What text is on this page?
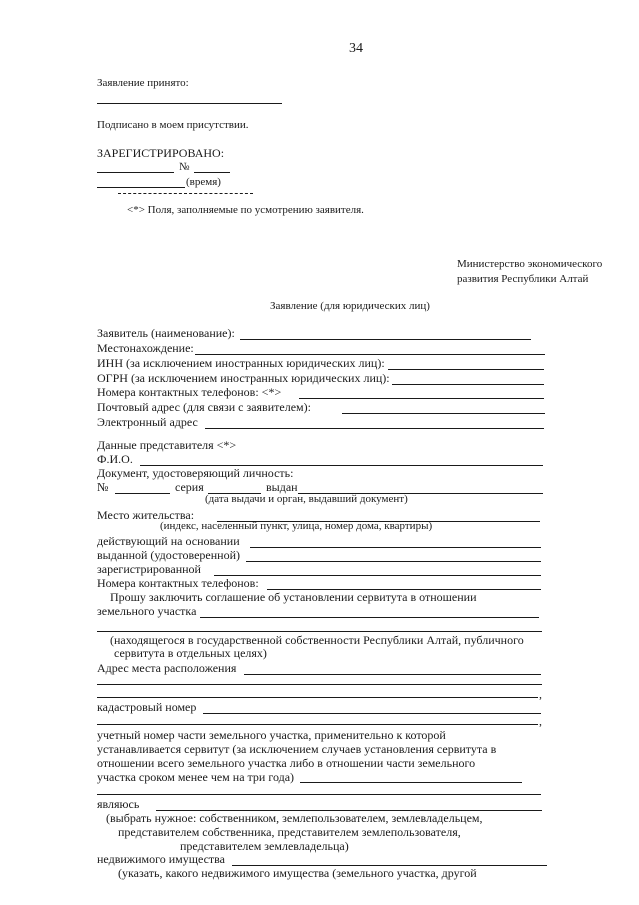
34
Заявление принято:
Подписано в моем присутствии.
ЗАРЕГИСТРИРОВАНО:
№
(время)
<*> Поля, заполняемые по усмотрению заявителя.
Министерство экономического
развития Республики Алтай
Заявление (для юридических лиц)
Заявитель (наименование):
Местонахождение:
ИНН (за исключением иностранных юридических лиц):
ОГРН (за исключением иностранных юридических лиц):
Номера контактных телефонов: <*>
Почтовый адрес (для связи с заявителем):
Электронный адрес
Данные представителя <*>
Ф.И.О.
Документ, удостоверяющий личность:
№	серия	выдан
(дата выдачи и орган, выдавший документ)
Место жительства:
(индекс, населенный пункт, улица, номер дома, квартиры)
действующий на основании
выданной (удостоверенной)
зарегистрированной
Номера контактных телефонов:
Прошу заключить соглашение об установлении сервитута в отношении
земельного участка
(находящегося в государственной собственности Республики Алтай, публичного
сервитута в отдельных целях)
Адрес места расположения
,
кадастровый номер
,
учетный номер части земельного участка, применительно к которой
устанавливается сервитут (за исключением случаев установления сервитута в
отношении всего земельного участка либо в отношении части земельного
участка сроком менее чем на три года)
являюсь
(выбрать нужное: собственником, землепользователем, землевладельцем,
представителем собственника, представителем землепользователя,
представителем землевладельца)
недвижимого имущества
(указать, какого недвижимого имущества (земельного участка, другой
